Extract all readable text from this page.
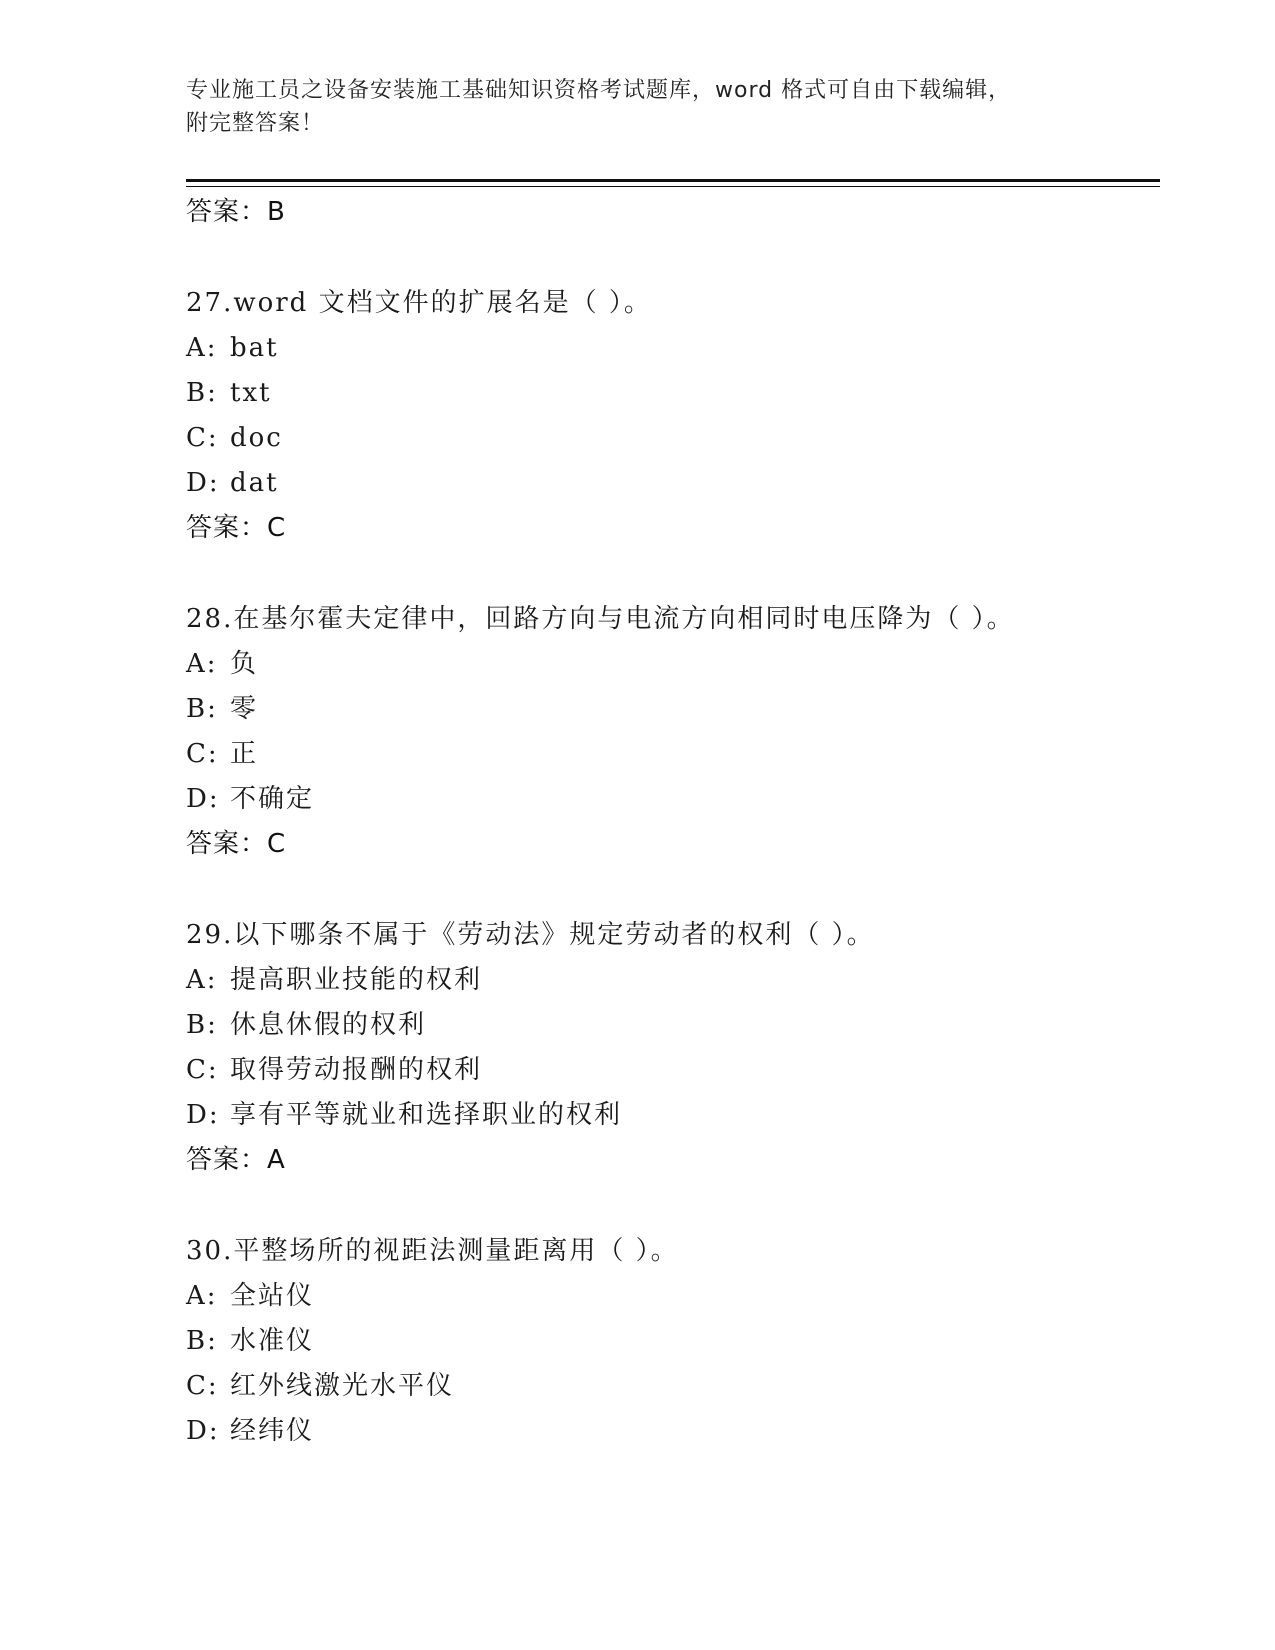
专业施工员之设备安装施工基础知识资格考试题库，word 格式可自由下载编辑，
附完整答案！
答案：B
27.word 文档文件的扩展名是（ ）。
A: bat
B: txt
C: doc
D: dat
答案：C
28.在基尔霍夫定律中，回路方向与电流方向相同时电压降为（ ）。
A: 负
B: 零
C: 正
D: 不确定
答案：C
29.以下哪条不属于《劳动法》规定劳动者的权利（ ）。
A: 提高职业技能的权利
B: 休息休假的权利
C: 取得劳动报酬的权利
D: 享有平等就业和选择职业的权利
答案：A
30.平整场所的视距法测量距离用（ ）。
A: 全站仪
B: 水准仪
C: 红外线激光水平仪
D: 经纬仪
